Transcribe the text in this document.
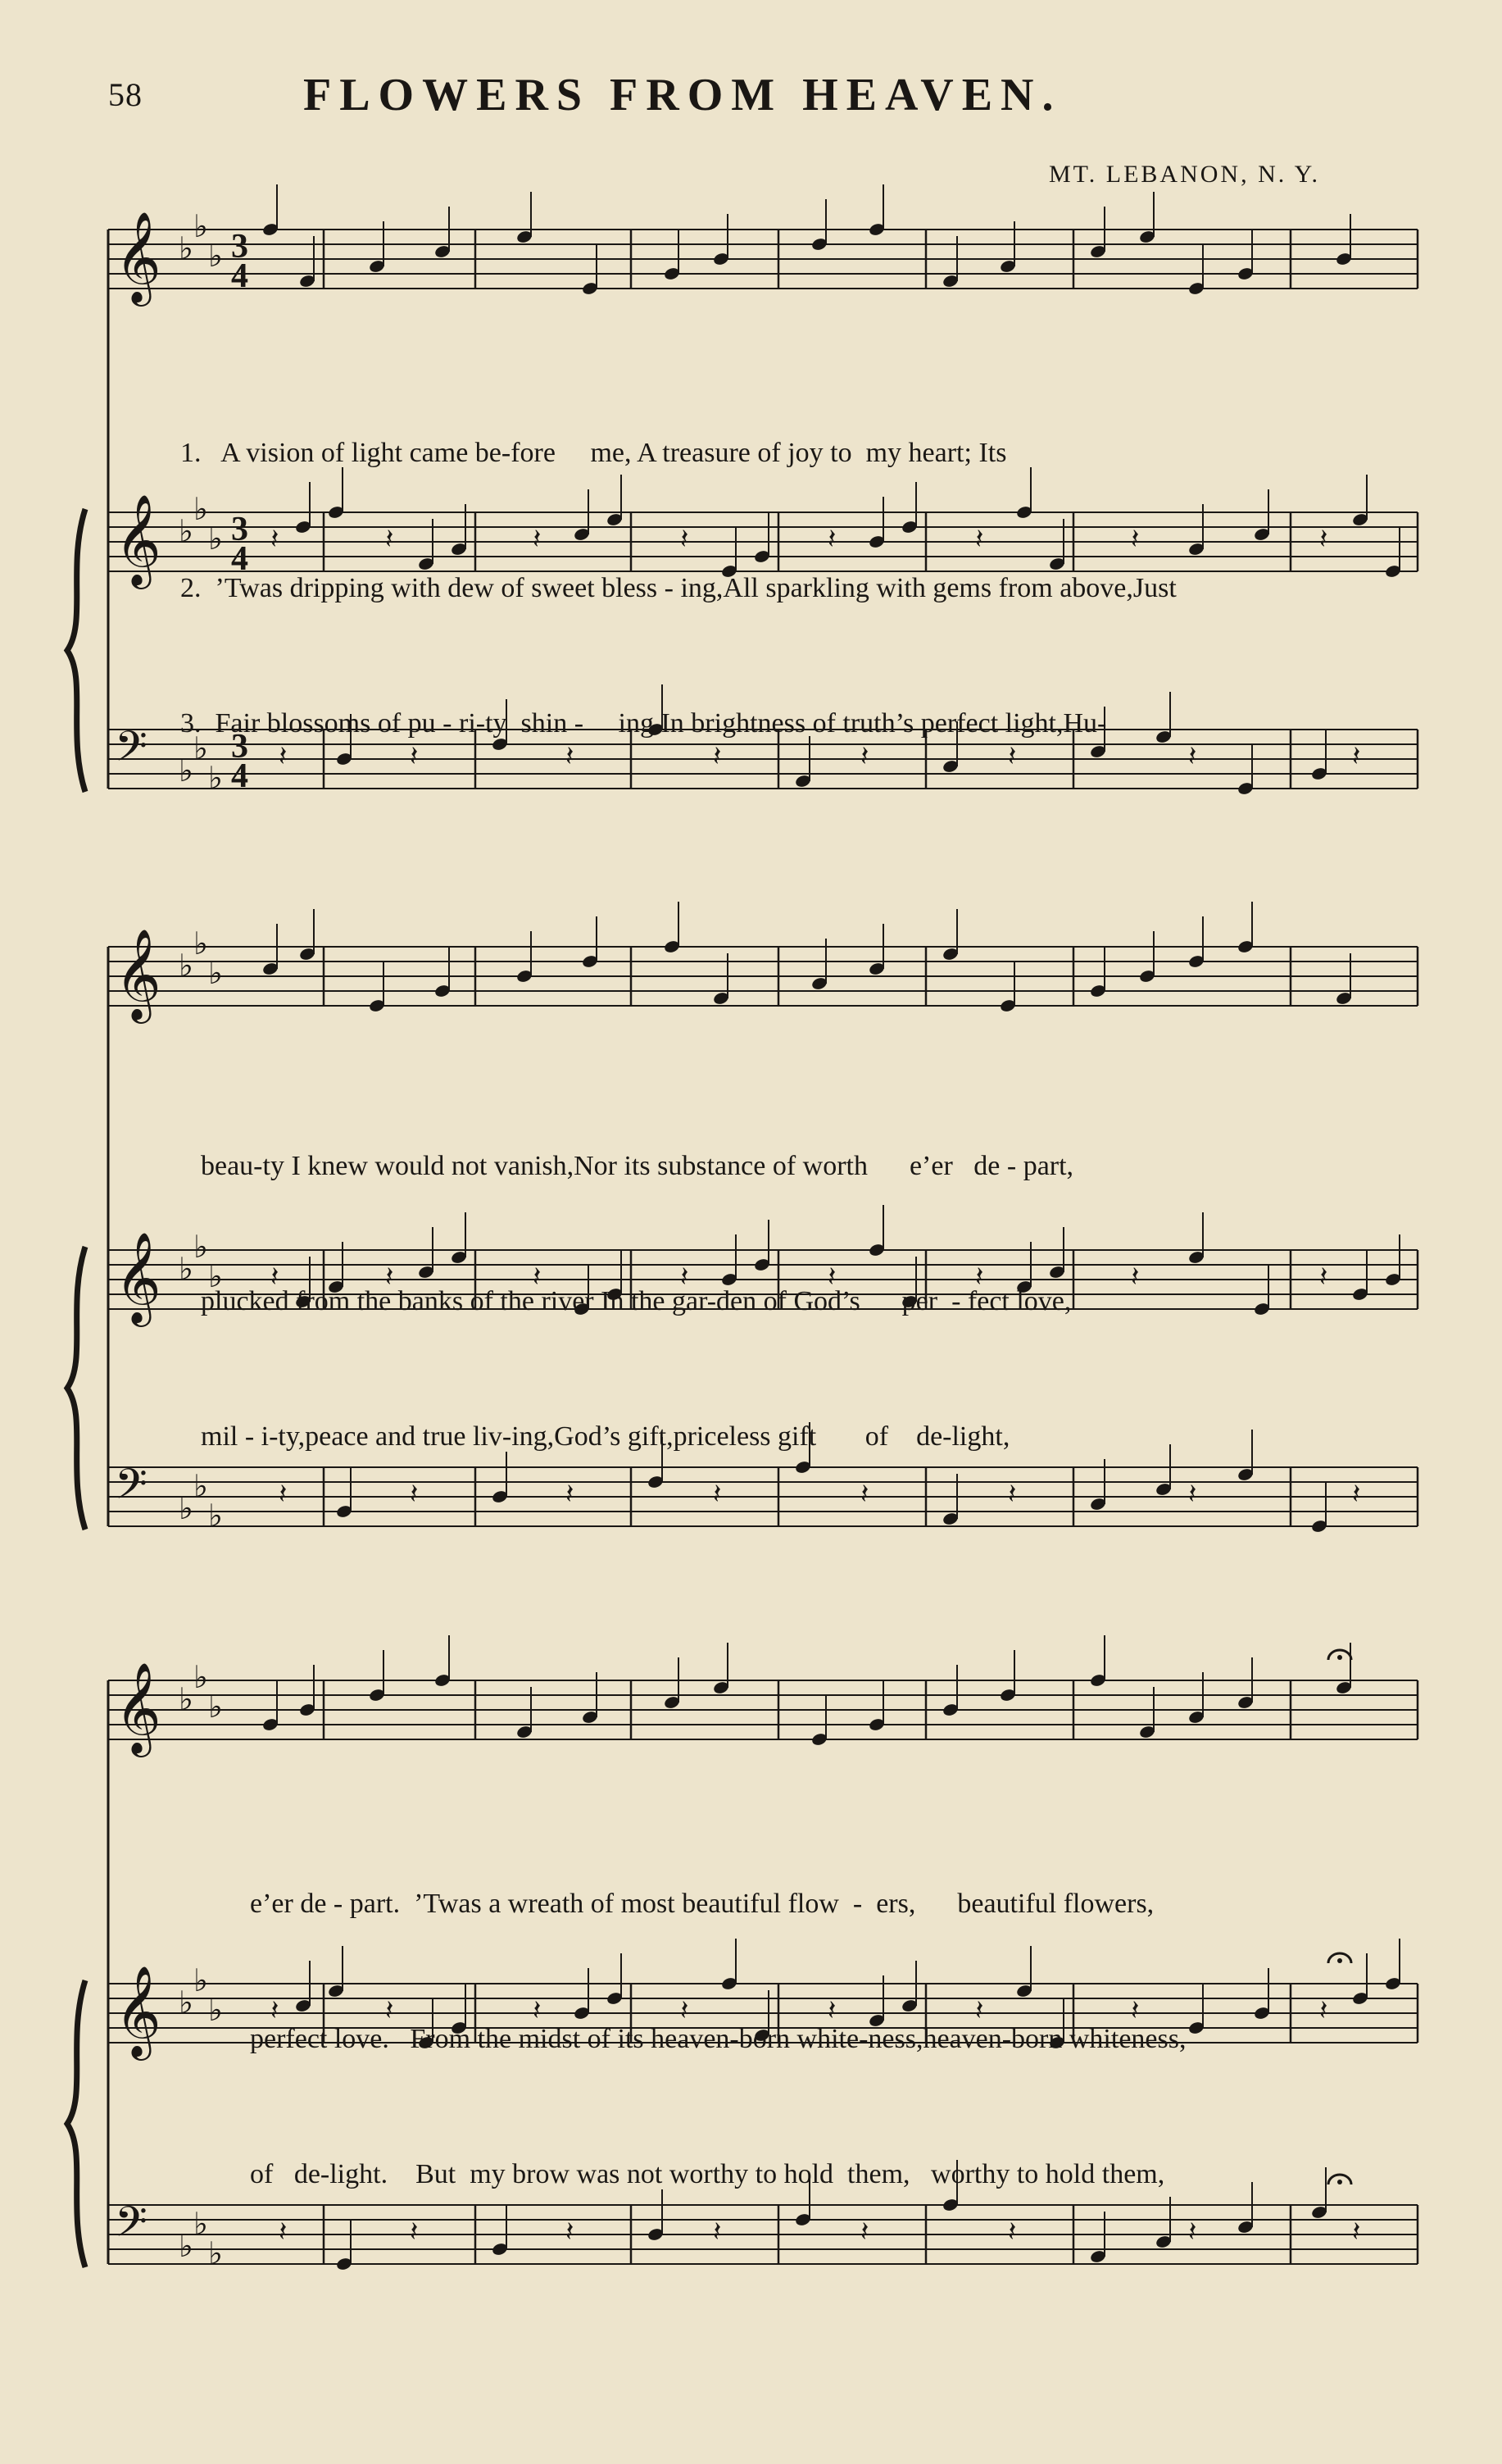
58	FLOWERS FROM HEAVEN.
MT. LEBANON, N. Y.
𝄞 ♭
♭
♭ 3
4
𝄞 ♭
♭
♭ 3
4
𝄢 ♭
♭
♭
3
4
𝄽	𝄽	𝄽	𝄽	𝄽	𝄽	𝄽	𝄽
𝄽	𝄽	𝄽	𝄽	𝄽	𝄽	𝄽	𝄽
𝄞 ♭
♭
♭
𝄞 ♭
♭
♭
𝄢 ♭
♭
♭
𝄽	𝄽	𝄽	𝄽	𝄽	𝄽	𝄽	𝄽
𝄽	𝄽	𝄽	𝄽	𝄽	𝄽	𝄽	𝄽
𝄞 ♭
♭
♭
𝄞 ♭
♭
♭
𝄢 ♭
♭
♭
𝄽	𝄽	𝄽	𝄽	𝄽	𝄽	𝄽	𝄽
𝄽	𝄽	𝄽	𝄽	𝄽	𝄽	𝄽	𝄽

1.   A vision of light came be-fore     me, A treasure of joy to  my heart; Its

2.  ’Twas dripping with dew of sweet bless - ing,All sparkling with gems from above,Just

3.  Fair blossoms of pu - ri-ty  shin -     ing In brightness of truth’s perfect light,Hu-

beau-ty I knew would not vanish,Nor its substance of worth      e’er   de - part,

plucked from the banks of the river In the gar-den of God’s      per  - fect love,

mil - i-ty,peace and true liv-ing,God’s gift,priceless gift       of    de-light,

e’er de - part.  ’Twas a wreath of most beautiful flow  -  ers,      beautiful flowers,

perfect love.   From the midst of its heaven-born white-ness,heaven-born whiteness,

of   de-light.    But  my brow was not worthy to hold  them,   worthy to hold them,
